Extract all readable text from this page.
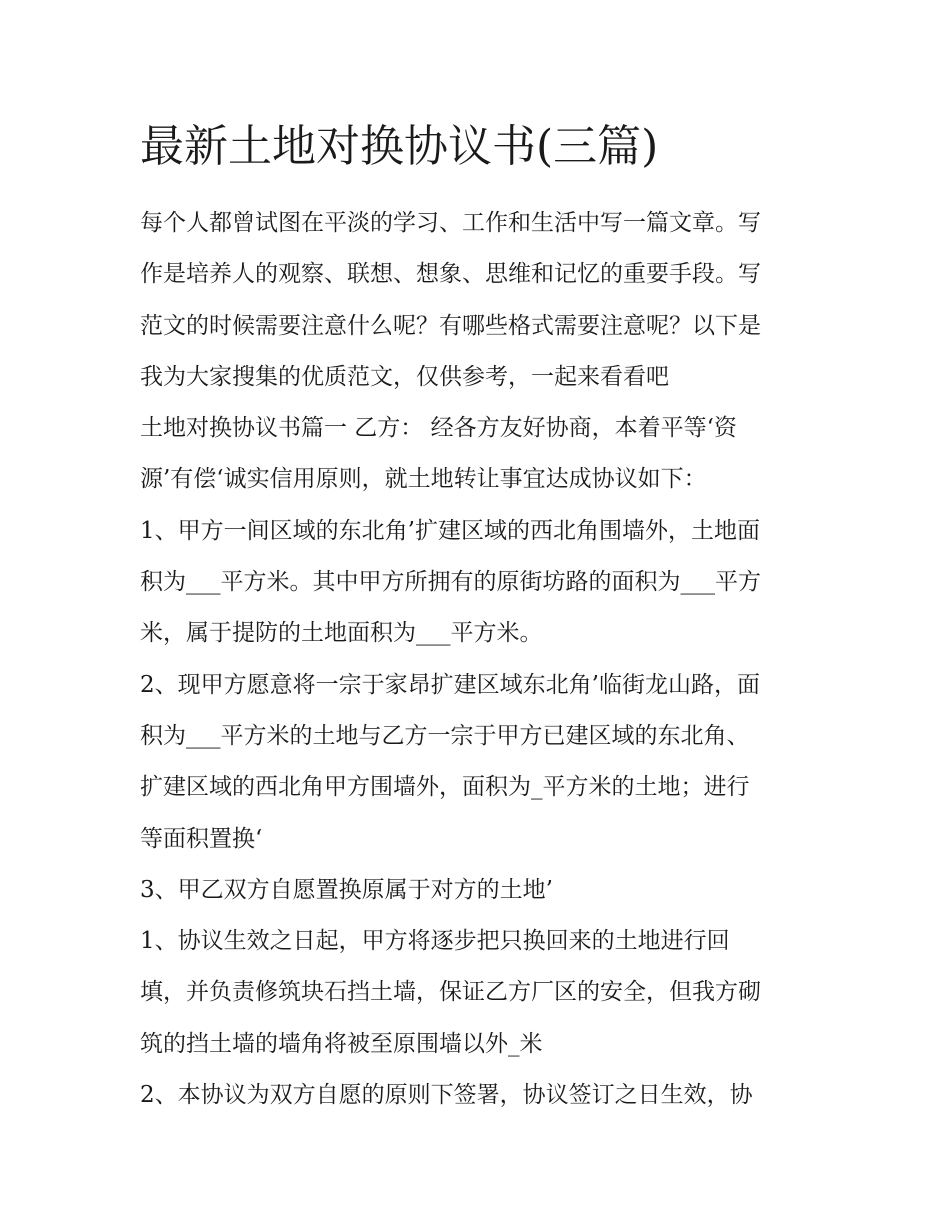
最新土地对换协议书(三篇)
每个人都曾试图在平淡的学习、工作和生活中写一篇文章。写
作是培养人的观察、联想、想象、思维和记忆的重要手段。写
范文的时候需要注意什么呢？有哪些格式需要注意呢？以下是
我为大家搜集的优质范文，仅供参考，一起来看看吧
土地对换协议书篇一 乙方： 经各方友好协商，本着平等‘资
源’有偿‘诚实信用原则，就土地转让事宜达成协议如下：
1、甲方一间区域的东北角’扩建区域的西北角围墙外，土地面
积为___平方米。其中甲方所拥有的原街坊路的面积为___平方
米，属于提防的土地面积为___平方米。
2、现甲方愿意将一宗于家昂扩建区域东北角’临街龙山路，面
积为___平方米的土地与乙方一宗于甲方已建区域的东北角、
扩建区域的西北角甲方围墙外，面积为_平方米的土地；进行
等面积置换‘
3、甲乙双方自愿置换原属于对方的土地’
1、协议生效之日起，甲方将逐步把只换回来的土地进行回
填，并负责修筑块石挡土墙，保证乙方厂区的安全，但我方砌
筑的挡土墙的墙角将被至原围墙以外_米
2、本协议为双方自愿的原则下签署，协议签订之日生效，协
